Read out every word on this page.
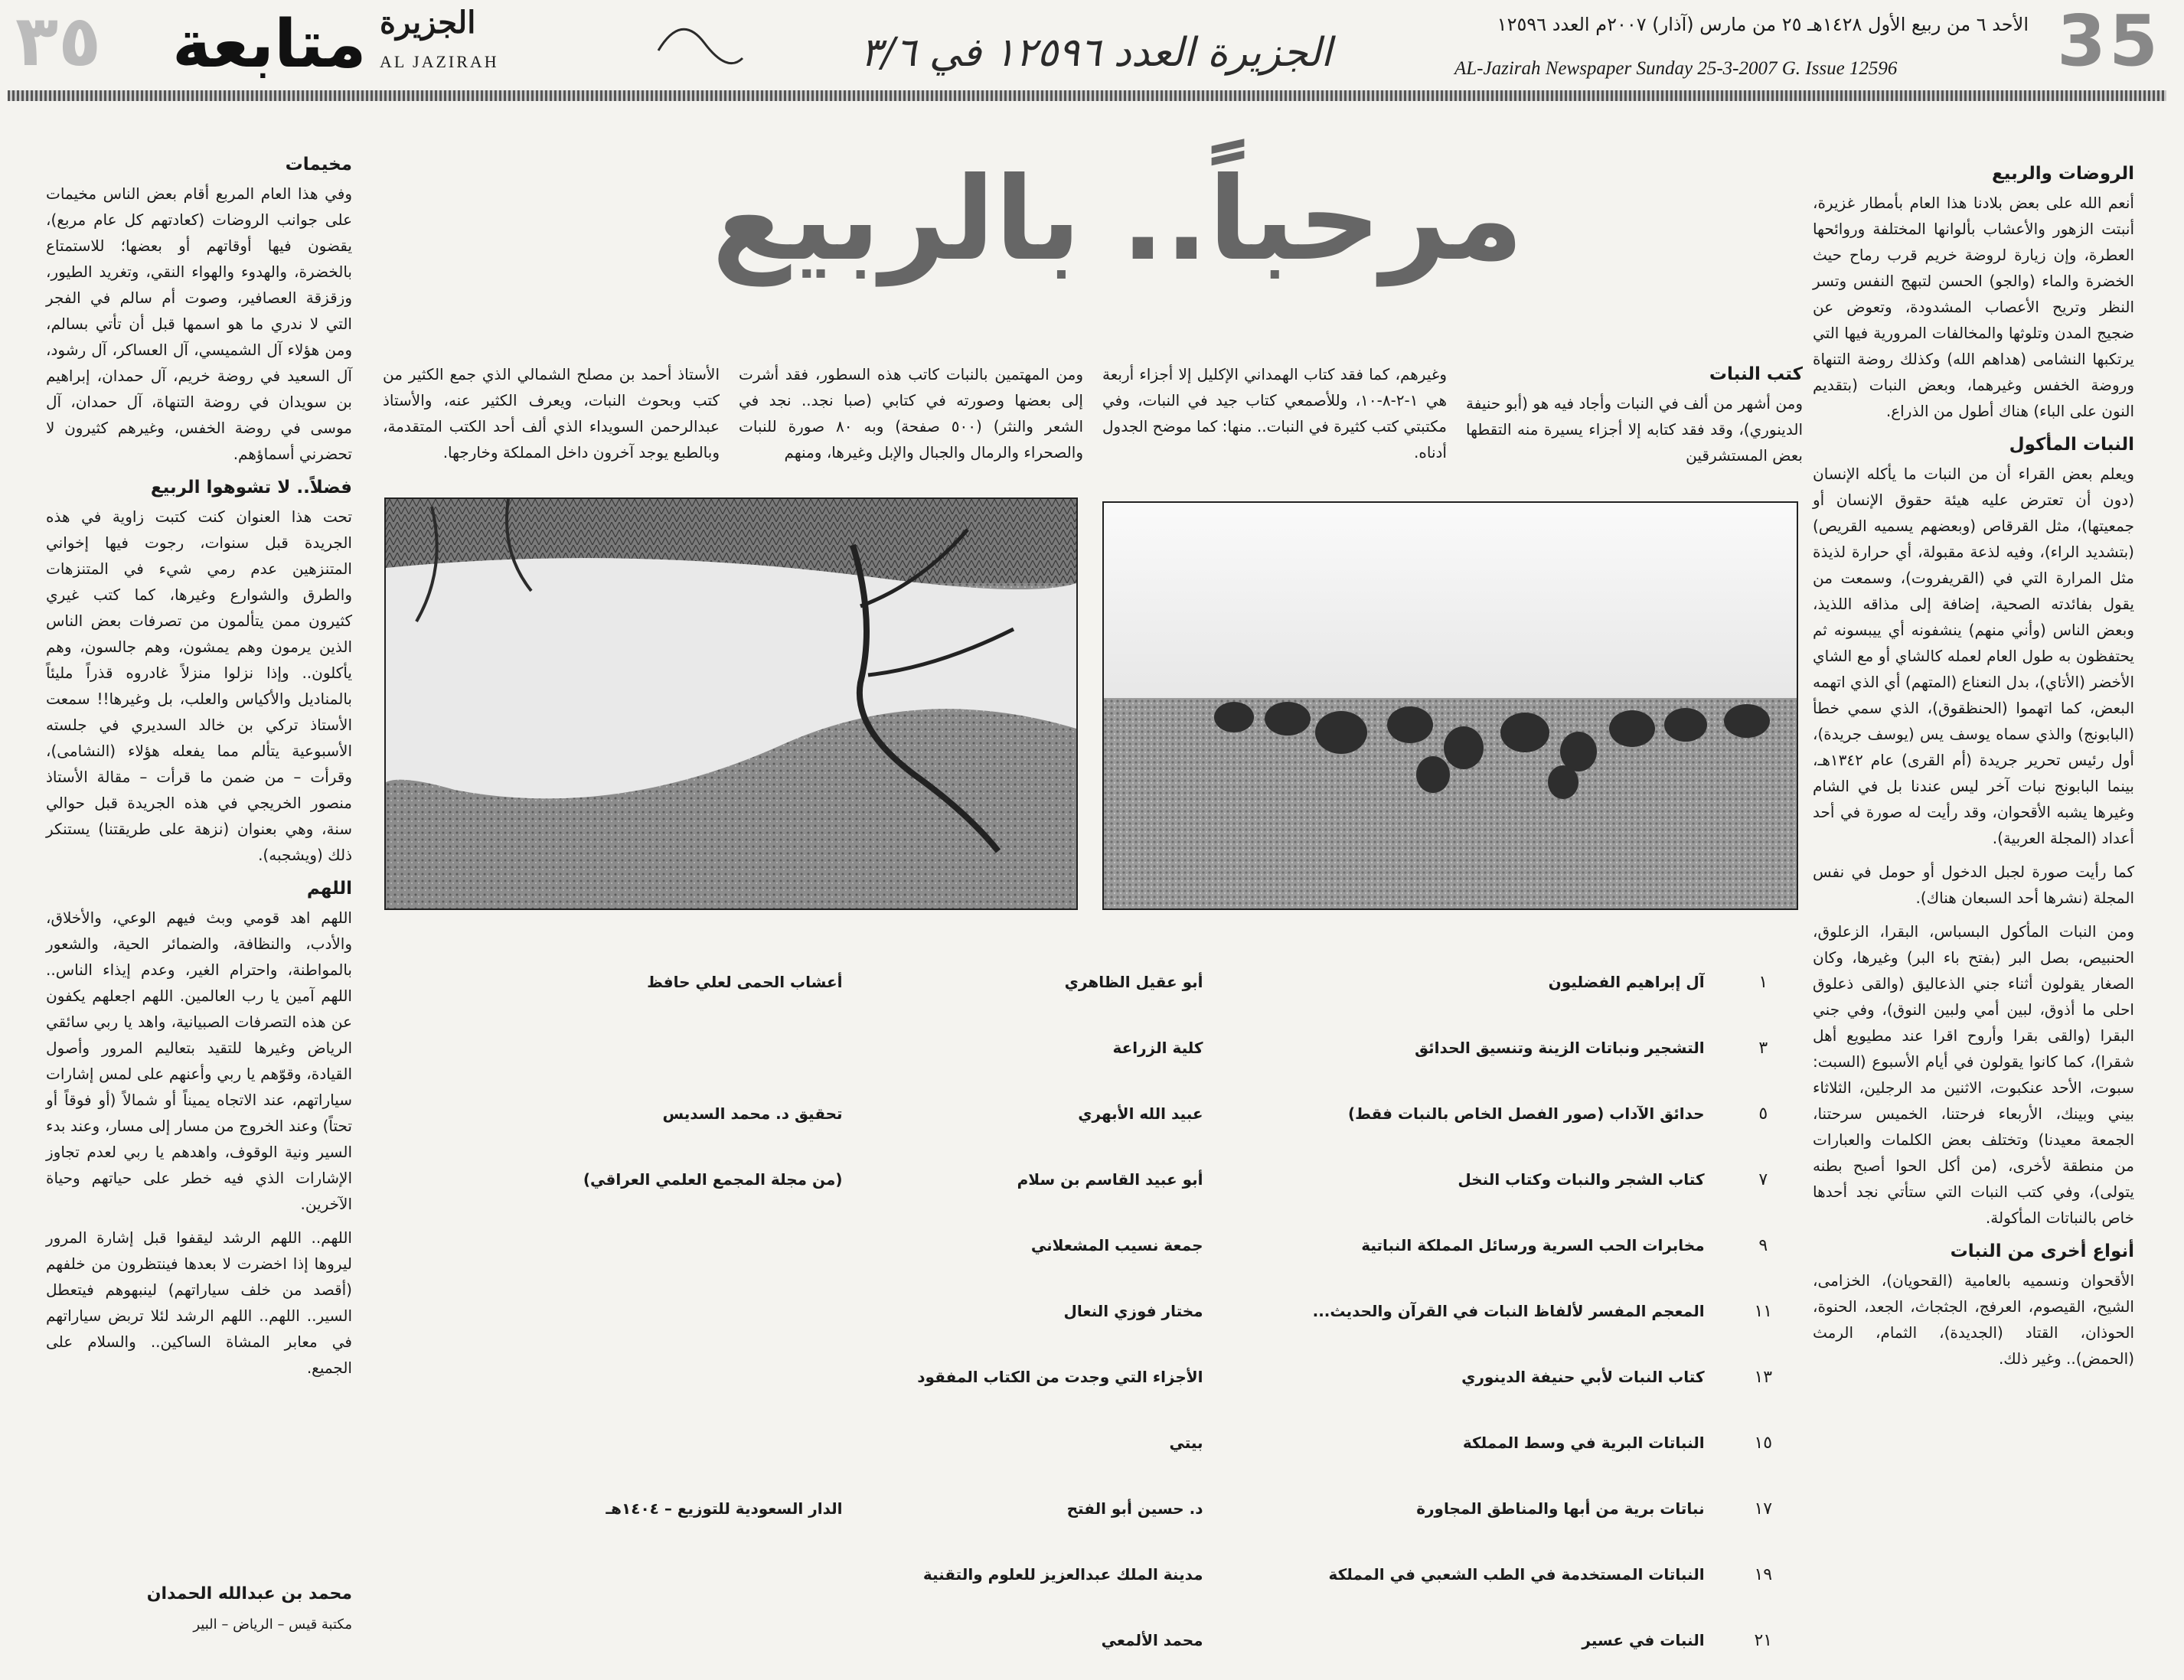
35
٣٥ متابعة الجزيرة
AL JAZIRAH
الأحد ٦ من ربيع الأول ١٤٢٨هـ ٢٥ من مارس (آذار) ٢٠٠٧م العدد ١٢٥٩٦
AL-Jazirah Newspaper Sunday 25-3-2007 G. Issue 12596
الجزيرة العدد ١٢٥٩٦ في ٣/٦
مرحباً.. بالربيع	الروضات والربيع

أنعم الله على بعض بلادنا هذا العام بأمطار غزيرة، أنبتت الزهور والأعشاب بألوانها المختلفة وروائحها العطرة، وإن زيارة لروضة خريم قرب رماح حيث الخضرة والماء (والجو) الحسن لتبهج النفس وتسر النظر وتريح الأعصاب المشدودة، وتعوض عن ضجيج المدن وتلوثها والمخالفات المرورية فيها التي يرتكبها النشامى (هداهم الله) وكذلك روضة التنهاة وروضة الخفس وغيرهما، وبعض النبات (بتقديم النون على الباء) هناك أطول من الذراع.

النبات المأكول

ويعلم بعض القراء أن من النبات ما يأكله الإنسان (دون أن تعترض عليه هيئة حقوق الإنسان أو جمعيتها)، مثل القرقاص (وبعضهم يسميه القريص) (بتشديد الراء)، وفيه لذعة مقبولة، أي حرارة لذيذة مثل المرارة التي في (القريفروت)، وسمعت من يقول بفائدته الصحية، إضافة إلى مذاقه اللذيذ، وبعض الناس (وأني منهم) ينشفونه أي ييبسونه ثم يحتفظون به طول العام لعمله كالشاي أو مع الشاي الأخضر (الأتاي)، بدل النعناع (المتهم) أي الذي اتهمه البعض، كما اتهموا (الحنظقوق)، الذي سمي خطأ (البابونج) والذي سماه يوسف يس (يوسف جريدة)، أول رئيس تحرير جريدة (أم القرى) عام ١٣٤٢هـ، بينما البابونج نبات آخر ليس عندنا بل في الشام وغيرها يشبه الأقحوان، وقد رأيت له صورة في أحد أعداد (المجلة العربية).

كما رأيت صورة لجبل الدخول أو حومل في نفس المجلة (نشرها أحد السبعان هناك).

ومن النبات المأكول البسباس، البقرا، الزعلوق، الحنبيص، بصل البر (بفتح باء البر) وغيرها، وكان الصغار يقولون أثناء جني الذعاليق (والقى ذعلوق احلى ما أذوق، لبين أمي ولبين النوق)، وفي جني البقرا (والقى بقرا وأروح اقرا عند مطيويع أهل شقرا)، كما كانوا يقولون في أيام الأسبوع (السبت: سبوت، الأحد عنكبوت، الاثنين مد الرجلين، الثلاثاء بيني وبينك، الأربعاء فرحتنا، الخميس سرحتنا، الجمعة معيدنا) وتختلف بعض الكلمات والعبارات من منطقة لأخرى، (من أكل الحوا أصبح بطنه يتولى)، وفي كتب النبات التي ستأتي نجد أحدها خاص بالنباتات المأكولة.

أنواع أخرى من النبات

الأقحوان ونسميه بالعامية (القحويان)، الخزامى، الشيح، القيصوم، العرفج، الجثجاث، الجعد، الحنوة، الحوذان، القتاد (الجديدة)، الثمام، الرمث (الحمض).. وغير ذلك.

كتب النبات

ومن أشهر من ألف في النبات وأجاد فيه هو (أبو حنيفة الدينوري)، وقد فقد كتابه إلا أجزاء يسيرة منه التقطها بعض المستشرقين

وغيرهم، كما فقد كتاب الهمداني الإكليل إلا أجزاء أربعة هي ١-٢-٨-١٠، وللأصمعي كتاب جيد في النبات، وفي مكتبتي كتب كثيرة في النبات.. منها: كما موضح الجدول أدناه.

ومن المهتمين بالنبات كاتب هذه السطور، فقد أشرت إلى بعضها وصورته في كتابي (صبا نجد.. نجد في الشعر والنثر) (٥٠٠ صفحة) وبه ٨٠ صورة للنبات والصحراء والرمال والجبال والإبل وغيرها، ومنهم

الأستاذ أحمد بن مصلح الشمالي الذي جمع الكثير من كتب وبحوث النبات، ويعرف الكثير عنه، والأستاذ عبدالرحمن السويداء الذي ألف أحد الكتب المتقدمة، وبالطبع يوجد آخرون داخل المملكة وخارجها.

١	آل إبراهيم الفضليون	أبو عقيل الظاهري	أعشاب الحمى لعلي حافظ
٣	التشجير ونباتات الزينة وتنسيق الحدائق	كلية الزراعة	
٥	حدائق الآداب (صور الفصل الخاص بالنبات فقط)	عبيد الله الأبهري	تحقيق د. محمد السديس
٧	كتاب الشجر والنبات وكتاب النخل	أبو عبيد القاسم بن سلام	(من مجلة المجمع العلمي العراقي)
٩	مخابرات الحب السرية ورسائل المملكة النباتية	جمعة نسيب المشعلاني	
١١	المعجم المفسر لألفاظ النبات في القرآن والحديث...	مختار فوزي النعال	
١٣	كتاب النبات لأبي حنيفة الدينوري	الأجزاء التي وجدت من الكتاب المفقود	
١٥	النباتات البرية في وسط المملكة	بيتي	
١٧	نباتات برية من أبها والمناطق المجاورة	د. حسين أبو الفتح	الدار السعودية للتوزيع – ١٤٠٤هـ
١٩	النباتات المستخدمة في الطب الشعبي في المملكة	مدينة الملك عبدالعزيز للعلوم والتقنية	
٢١	النبات في عسير	محمد الألمعي	
مخيمات

وفي هذا العام المربع أقام بعض الناس مخيمات على جوانب الروضات (كعادتهم كل عام مربع)، يقضون فيها أوقاتهم أو بعضها؛ للاستمتاع بالخضرة، والهدوء والهواء النقي، وتغريد الطيور، وزقزقة العصافير، وصوت أم سالم في الفجر التي لا ندري ما هو اسمها قبل أن تأتي بسالم، ومن هؤلاء آل الشميسي، آل العساكر، آل رشود، آل السعيد في روضة خريم، آل حمدان، إبراهيم بن سويدان في روضة التنهاة، آل حمدان، آل موسى في روضة الخفس، وغيرهم كثيرون لا تحضرني أسماؤهم.

فضلاً.. لا تشوهوا الربيع

تحت هذا العنوان كنت كتبت زاوية في هذه الجريدة قبل سنوات، رجوت فيها إخواني المتنزهين عدم رمي شيء في المتنزهات والطرق والشوارع وغيرها، كما كتب غيري كثيرون ممن يتألمون من تصرفات بعض الناس الذين يرمون وهم يمشون، وهم جالسون، وهم يأكلون.. وإذا نزلوا منزلاً غادروه قذراً مليئاً بالمناديل والأكياس والعلب، بل وغيرها!! سمعت الأستاذ تركي بن خالد السديري في جلسته الأسبوعية يتألم مما يفعله هؤلاء (النشامى)، وقرأت – من ضمن ما قرأت – مقالة الأستاذ منصور الخريجي في هذه الجريدة قبل حوالي سنة، وهي بعنوان (نزهة على طريقتنا) يستنكر ذلك (ويشجبه).

اللهم

اللهم اهد قومي وبث فيهم الوعي، والأخلاق، والأدب، والنظافة، والضمائر الحية، والشعور بالمواطنة، واحترام الغير، وعدم إيذاء الناس.. اللهم آمين يا رب العالمين. اللهم اجعلهم يكفون عن هذه التصرفات الصبيانية، واهد يا ربي سائقي الرياض وغيرها للتقيد بتعاليم المرور وأصول القيادة، وقوّهم يا ربي وأعنهم على لمس إشارات سياراتهم، عند الاتجاه يميناً أو شمالاً (أو فوقاً أو تحتاً) وعند الخروج من مسار إلى مسار، وعند بدء السير ونية الوقوف، واهدهم يا ربي لعدم تجاوز الإشارات الذي فيه خطر على حياتهم وحياة الآخرين.

اللهم.. اللهم الرشد ليقفوا قبل إشارة المرور ليروها إذا اخضرت لا بعدها فينتظرون من خلفهم (أقصد من خلف سياراتهم) لينبهوهم فيتعطل السير.. اللهم.. اللهم الرشد لئلا تربض سياراتهم في معابر المشاة الساكين.. والسلام على الجميع.

محمد بن عبدالله الحمدان
مكتبة قيس – الرياض – البير
